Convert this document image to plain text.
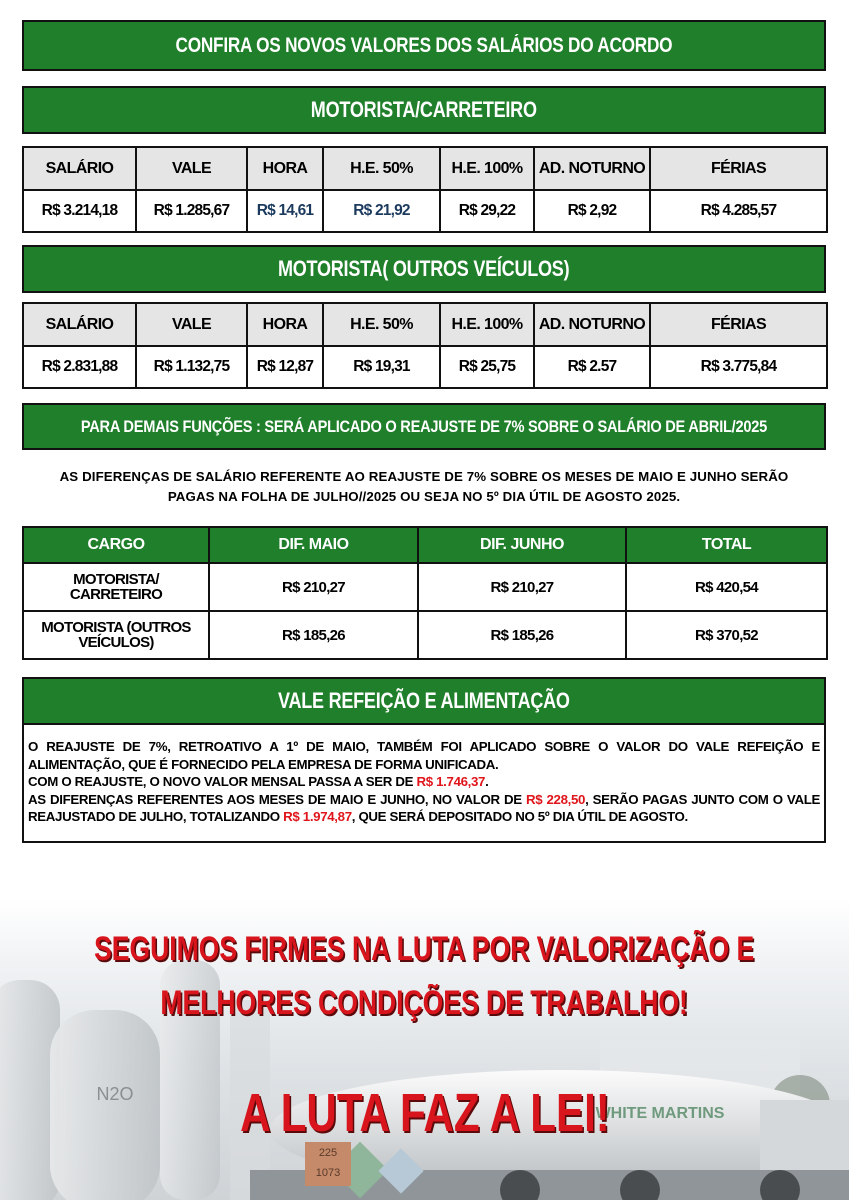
CONFIRA OS NOVOS VALORES DOS SALÁRIOS DO ACORDO
MOTORISTA/CARRETEIRO
SALÁRIO	VALE	HORA	H.E. 50%	H.E. 100%	AD. NOTURNO	FÉRIAS
R$ 3.214,18	R$ 1.285,67	R$ 14,61	R$ 21,92	R$ 29,22	R$ 2,92	R$ 4.285,57
MOTORISTA( OUTROS VEÍCULOS)
SALÁRIO	VALE	HORA	H.E. 50%	H.E. 100%	AD. NOTURNO	FÉRIAS
R$ 2.831,88	R$ 1.132,75	R$ 12,87	R$ 19,31	R$ 25,75	R$ 2.57	R$ 3.775,84
PARA DEMAIS FUNÇÕES : SERÁ APLICADO O REAJUSTE DE 7% SOBRE O SALÁRIO DE ABRIL/2025
AS DIFERENÇAS DE SALÁRIO REFERENTE AO REAJUSTE DE 7% SOBRE OS MESES DE MAIO E JUNHO SERÃO
PAGAS NA FOLHA DE JULHO//2025 OU SEJA NO 5º DIA ÚTIL DE AGOSTO 2025.
CARGO	DIF. MAIO	DIF. JUNHO	TOTAL

MOTORISTA/
CARRETEIRO	R$ 210,27	R$ 210,27	R$ 420,54

MOTORISTA (OUTROS
VEÍCULOS)	R$ 185,26	R$ 185,26	R$ 370,52
VALE REFEIÇÃO E ALIMENTAÇÃO

O REAJUSTE DE 7%, RETROATIVO A 1º DE MAIO, TAMBÉM FOI APLICADO SOBRE O VALOR DO VALE REFEIÇÃO E ALIMENTAÇÃO, QUE É FORNECIDO PELA EMPRESA DE FORMA UNIFICADA.

COM O REAJUSTE, O NOVO VALOR MENSAL PASSA A SER DE R$ 1.746,37.

AS DIFERENÇAS REFERENTES AOS MESES DE MAIO E JUNHO, NO VALOR DE R$ 228,50, SERÃO PAGAS JUNTO COM O VALE REAJUSTADO DE JULHO, TOTALIZANDO R$ 1.974,87, QUE SERÁ DEPOSITADO NO 5º DIA ÚTIL DE AGOSTO.

225
1073
N2O
WHITE MARTINS
SEGUIMOS FIRMES NA LUTA POR VALORIZAÇÃO E
MELHORES CONDIÇÕES DE TRABALHO!
A LUTA FAZ A LEI!
